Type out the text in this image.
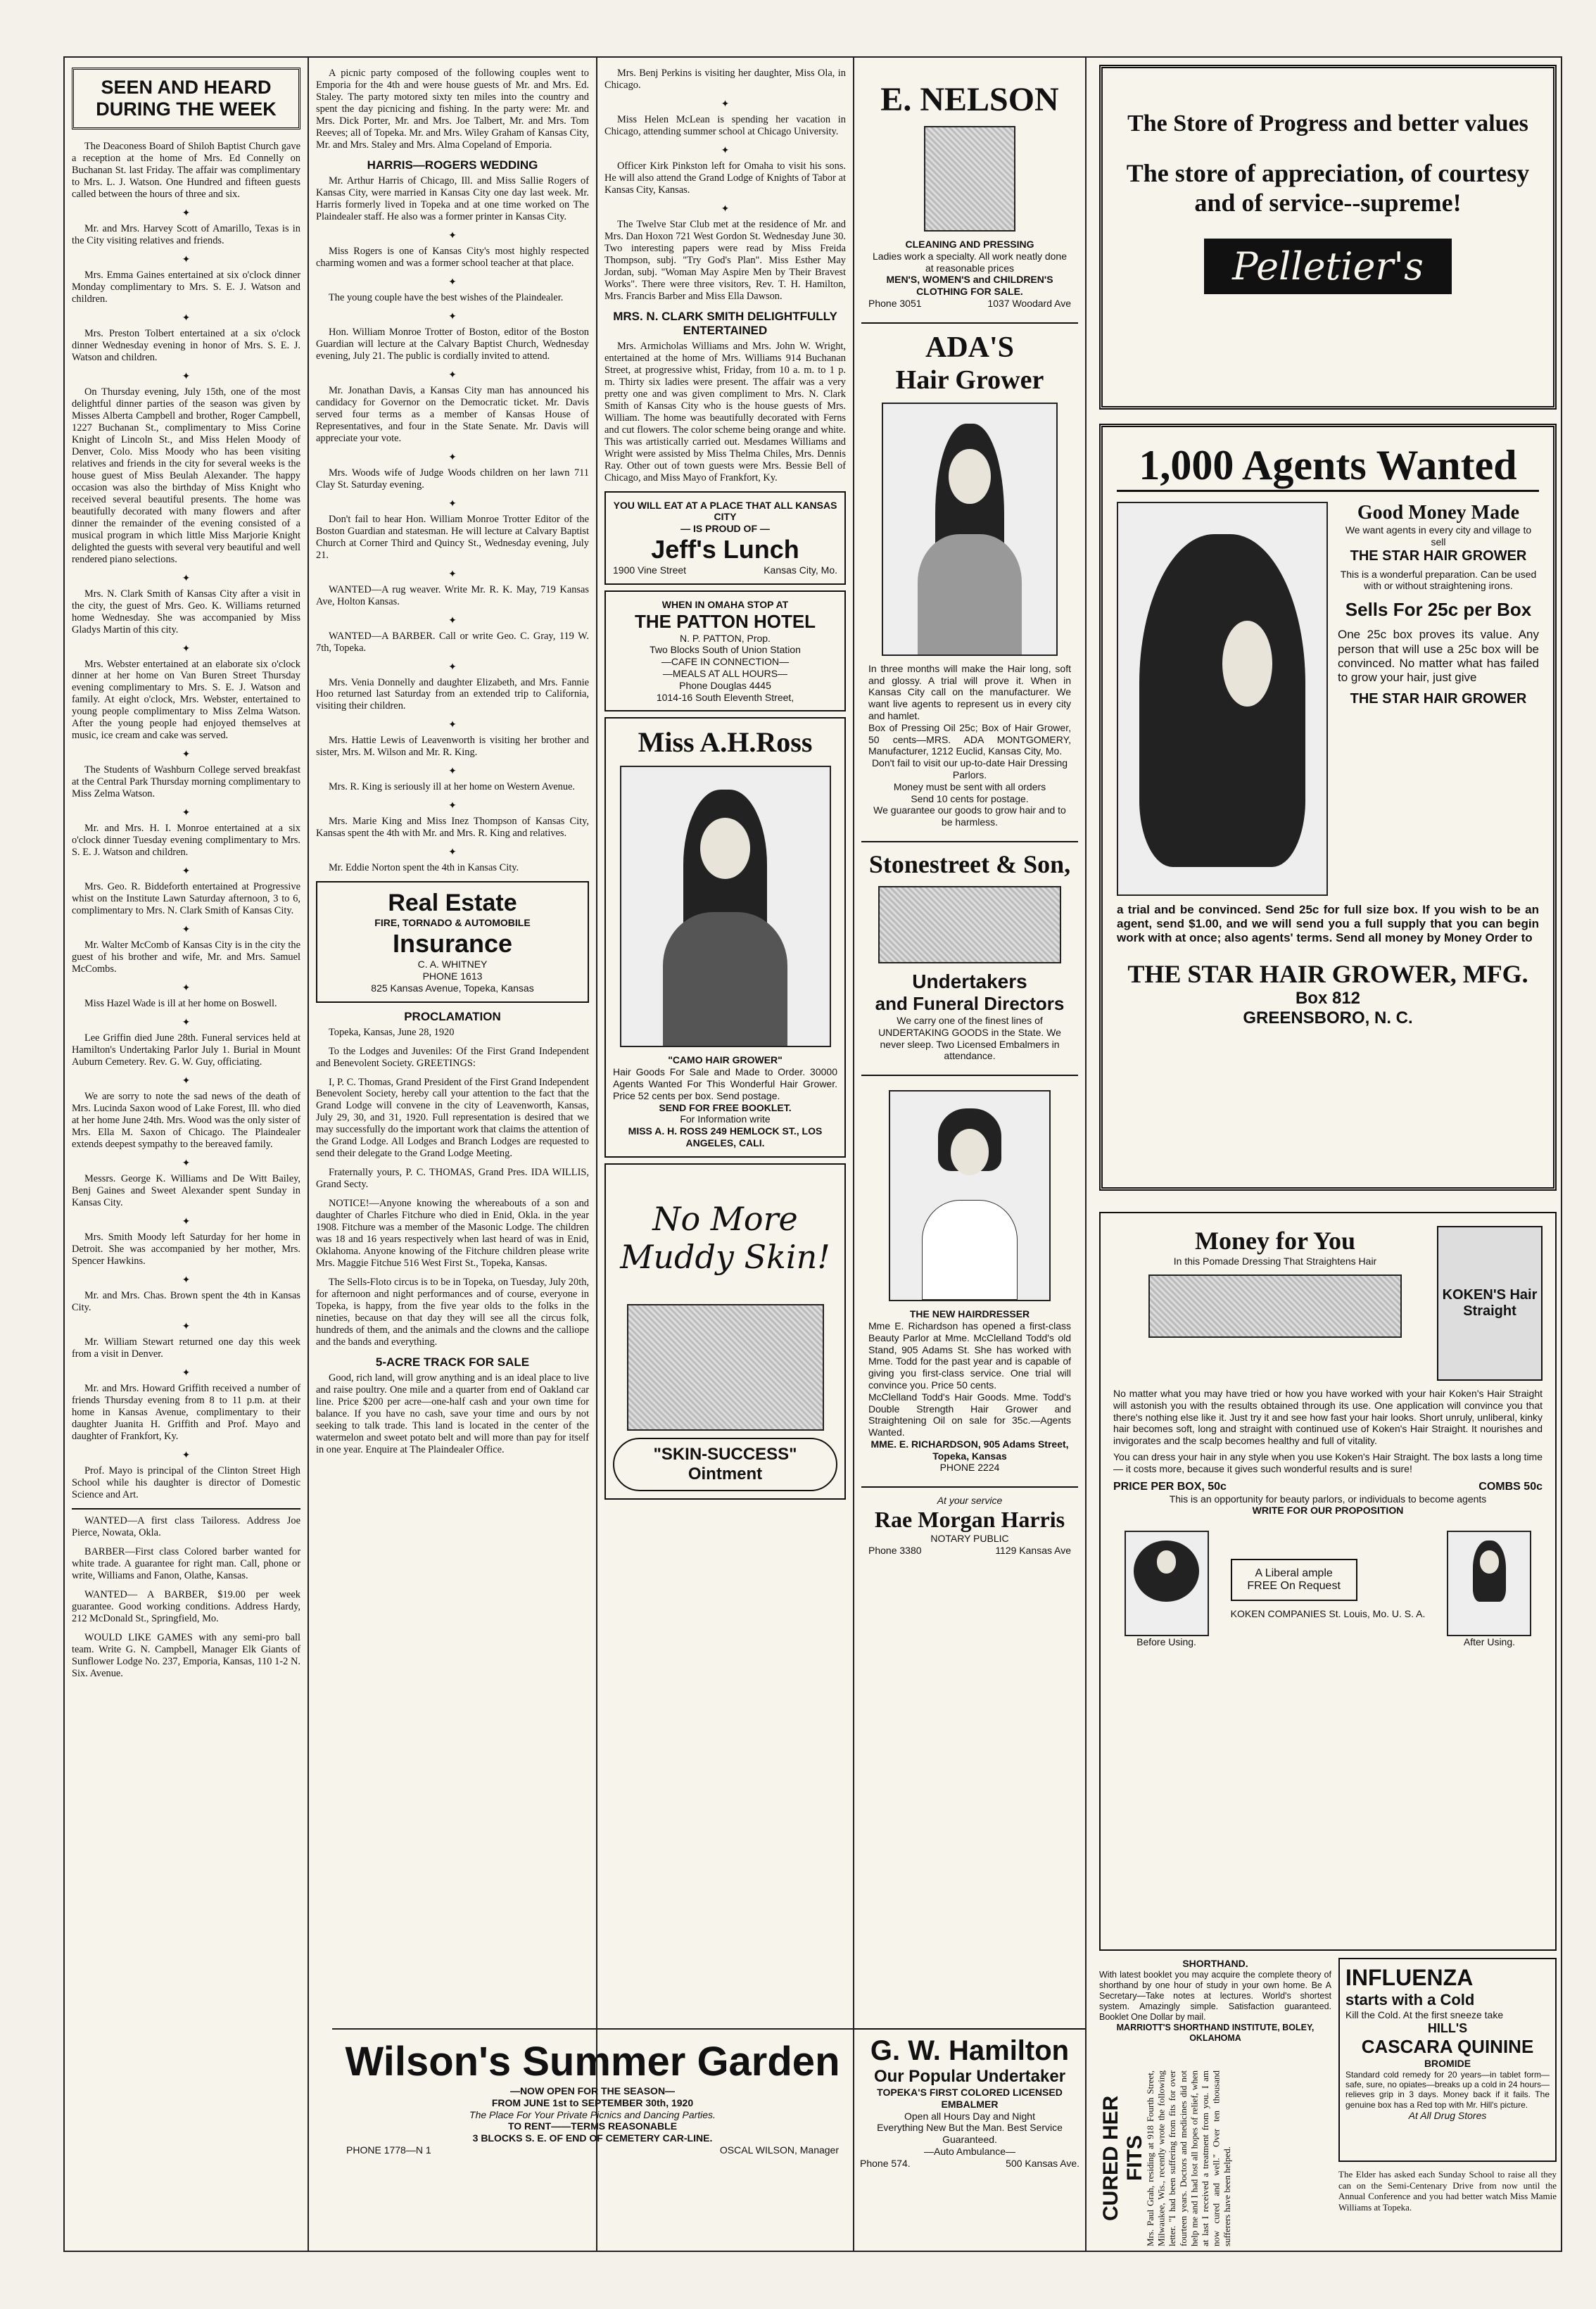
SEEN AND HEARD DURING THE WEEK

The Deaconess Board of Shiloh Baptist Church gave a reception at the home of Mrs. Ed Connelly on Buchanan St. last Friday. The affair was complimentary to Mrs. L. J. Watson. One Hundred and fifteen guests called between the hours of three and six.

✦

Mr. and Mrs. Harvey Scott of Amarillo, Texas is in the City visiting relatives and friends.

✦

Mrs. Emma Gaines entertained at six o'clock dinner Monday complimentary to Mrs. S. E. J. Watson and children.

✦

Mrs. Preston Tolbert entertained at a six o'clock dinner Wednesday evening in honor of Mrs. S. E. J. Watson and children.

✦

On Thursday evening, July 15th, one of the most delightful dinner parties of the season was given by Misses Alberta Campbell and brother, Roger Campbell, 1227 Buchanan St., complimentary to Miss Corine Knight of Lincoln St., and Miss Helen Moody of Denver, Colo. Miss Moody who has been visiting relatives and friends in the city for several weeks is the house guest of Miss Beulah Alexander. The happy occasion was also the birthday of Miss Knight who received several beautiful presents. The home was beautifully decorated with many flowers and after dinner the remainder of the evening consisted of a musical program in which little Miss Marjorie Knight delighted the guests with several very beautiful and well rendered piano selections.

✦

Mrs. N. Clark Smith of Kansas City after a visit in the city, the guest of Mrs. Geo. K. Williams returned home Wednesday. She was accompanied by Miss Gladys Martin of this city.

✦

Mrs. Webster entertained at an elaborate six o'clock dinner at her home on Van Buren Street Thursday evening complimentary to Mrs. S. E. J. Watson and family. At eight o'clock, Mrs. Webster, entertained to young people complimentary to Miss Zelma Watson. After the young people had enjoyed themselves at music, ice cream and cake was served.

✦

The Students of Washburn College served breakfast at the Central Park Thursday morning complimentary to Miss Zelma Watson.

✦

Mr. and Mrs. H. I. Monroe entertained at a six o'clock dinner Tuesday evening complimentary to Mrs. S. E. J. Watson and children.

✦

Mrs. Geo. R. Biddeforth entertained at Progressive whist on the Institute Lawn Saturday afternoon, 3 to 6, complimentary to Mrs. N. Clark Smith of Kansas City.

✦

Mr. Walter McComb of Kansas City is in the city the guest of his brother and wife, Mr. and Mrs. Samuel McCombs.

✦

Miss Hazel Wade is ill at her home on Boswell.

✦

Lee Griffin died June 28th. Funeral services held at Hamilton's Undertaking Parlor July 1. Burial in Mount Auburn Cemetery. Rev. G. W. Guy, officiating.

✦

We are sorry to note the sad news of the death of Mrs. Lucinda Saxon wood of Lake Forest, Ill. who died at her home June 24th. Mrs. Wood was the only sister of Mrs. Ella M. Saxon of Chicago. The Plaindealer extends deepest sympathy to the bereaved family.

✦

Messrs. George K. Williams and De Witt Bailey, Benj Gaines and Sweet Alexander spent Sunday in Kansas City.

✦

Mrs. Smith Moody left Saturday for her home in Detroit. She was accompanied by her mother, Mrs. Spencer Hawkins.

✦

Mr. and Mrs. Chas. Brown spent the 4th in Kansas City.

✦

Mr. William Stewart returned one day this week from a visit in Denver.

✦

Mr. and Mrs. Howard Griffith received a number of friends Thursday evening from 8 to 11 p.m. at their home in Kansas Avenue, complimentary to their daughter Juanita H. Griffith and Prof. Mayo and daughter of Frankfort, Ky.

✦

Prof. Mayo is principal of the Clinton Street High School while his daughter is director of Domestic Science and Art.

WANTED—A first class Tailoress. Address Joe Pierce, Nowata, Okla.

BARBER—First class Colored barber wanted for white trade. A guarantee for right man. Call, phone or write, Williams and Fanon, Olathe, Kansas.

WANTED— A BARBER, $19.00 per week guarantee. Good working conditions. Address Hardy, 212 McDonald St., Springfield, Mo.

WOULD LIKE GAMES with any semi-pro ball team. Write G. N. Campbell, Manager Elk Giants of Sunflower Lodge No. 237, Emporia, Kansas, 110 1-2 N. Six. Avenue.

A picnic party composed of the following couples went to Emporia for the 4th and were house guests of Mr. and Mrs. Ed. Staley. The party motored sixty ten miles into the country and spent the day picnicing and fishing. In the party were: Mr. and Mrs. Dick Porter, Mr. and Mrs. Joe Talbert, Mr. and Mrs. Tom Reeves; all of Topeka. Mr. and Mrs. Wiley Graham of Kansas City, Mr. and Mrs. Staley and Mrs. Alma Copeland of Emporia.

HARRIS—ROGERS WEDDING

Mr. Arthur Harris of Chicago, Ill. and Miss Sallie Rogers of Kansas City, were married in Kansas City one day last week. Mr. Harris formerly lived in Topeka and at one time worked on The Plaindealer staff. He also was a former printer in Kansas City.

✦

Miss Rogers is one of Kansas City's most highly respected charming women and was a former school teacher at that place.

✦

The young couple have the best wishes of the Plaindealer.

✦

Hon. William Monroe Trotter of Boston, editor of the Boston Guardian will lecture at the Calvary Baptist Church, Wednesday evening, July 21. The public is cordially invited to attend.

✦

Mr. Jonathan Davis, a Kansas City man has announced his candidacy for Governor on the Democratic ticket. Mr. Davis served four terms as a member of Kansas House of Representatives, and four in the State Senate. Mr. Davis will appreciate your vote.

✦

Mrs. Woods wife of Judge Woods children on her lawn 711 Clay St. Saturday evening.

✦

Don't fail to hear Hon. William Monroe Trotter Editor of the Boston Guardian and statesman. He will lecture at Calvary Baptist Church at Corner Third and Quincy St., Wednesday evening, July 21.

✦

WANTED—A rug weaver. Write Mr. R. K. May, 719 Kansas Ave, Holton Kansas.

✦

WANTED—A BARBER. Call or write Geo. C. Gray, 119 W. 7th, Topeka.

✦

Mrs. Venia Donnelly and daughter Elizabeth, and Mrs. Fannie Hoo returned last Saturday from an extended trip to California, visiting their children.

✦

Mrs. Hattie Lewis of Leavenworth is visiting her brother and sister, Mrs. M. Wilson and Mr. R. King.

✦

Mrs. R. King is seriously ill at her home on Western Avenue.

✦

Mrs. Marie King and Miss Inez Thompson of Kansas City, Kansas spent the 4th with Mr. and Mrs. R. King and relatives.

✦

Mr. Eddie Norton spent the 4th in Kansas City.

Real Estate
FIRE, TORNADO & AUTOMOBILE
Insurance
C. A. WHITNEY
PHONE 1613
825 Kansas Avenue, Topeka, Kansas
PROCLAMATION

Topeka, Kansas, June 28, 1920

To the Lodges and Juveniles: Of the First Grand Independent and Benevolent Society. GREETINGS:

I, P. C. Thomas, Grand President of the First Grand Independent Benevolent Society, hereby call your attention to the fact that the Grand Lodge will convene in the city of Leavenworth, Kansas, July 29, 30, and 31, 1920. Full representation is desired that we may successfully do the important work that claims the attention of the Grand Lodge. All Lodges and Branch Lodges are requested to send their delegate to the Grand Lodge Meeting.

Fraternally yours, P. C. THOMAS, Grand Pres. IDA WILLIS, Grand Secty.

NOTICE!—Anyone knowing the whereabouts of a son and daughter of Charles Fitchure who died in Enid, Okla. in the year 1908. Fitchure was a member of the Masonic Lodge. The children was 18 and 16 years respectively when last heard of was in Enid, Oklahoma. Anyone knowing of the Fitchure children please write Mrs. Maggie Fitchue 516 West First St., Topeka, Kansas.

The Sells-Floto circus is to be in Topeka, on Tuesday, July 20th, for afternoon and night performances and of course, everyone in Topeka, is happy, from the five year olds to the folks in the nineties, because on that day they will see all the circus folk, hundreds of them, and the animals and the clowns and the calliope and the bands and everything.

5-ACRE TRACK FOR SALE

Good, rich land, will grow anything and is an ideal place to live and raise poultry. One mile and a quarter from end of Oakland car line. Price $200 per acre—one-half cash and your own time for balance. If you have no cash, save your time and ours by not seeking to talk trade. This land is located in the center of the watermelon and sweet potato belt and will more than pay for itself in one year. Enquire at The Plaindealer Office.

Mrs. Benj Perkins is visiting her daughter, Miss Ola, in Chicago.

✦

Miss Helen McLean is spending her vacation in Chicago, attending summer school at Chicago University.

✦

Officer Kirk Pinkston left for Omaha to visit his sons. He will also attend the Grand Lodge of Knights of Tabor at Kansas City, Kansas.

✦

The Twelve Star Club met at the residence of Mr. and Mrs. Dan Hoxon 721 West Gordon St. Wednesday June 30. Two interesting papers were read by Miss Freida Thompson, subj. "Try God's Plan". Miss Esther May Jordan, subj. "Woman May Aspire Men by Their Bravest Works". There were three visitors, Rev. T. H. Hamilton, Mrs. Francis Barber and Miss Ella Dawson.

MRS. N. CLARK SMITH DELIGHTFULLY ENTERTAINED

Mrs. Armicholas Williams and Mrs. John W. Wright, entertained at the home of Mrs. Williams 914 Buchanan Street, at progressive whist, Friday, from 10 a. m. to 1 p. m. Thirty six ladies were present. The affair was a very pretty one and was given compliment to Mrs. N. Clark Smith of Kansas City who is the house guests of Mrs. William. The home was beautifully decorated with Ferns and cut flowers. The color scheme being orange and white. This was artistically carried out. Mesdames Williams and Wright were assisted by Miss Thelma Chiles, Mrs. Dennis Ray. Other out of town guests were Mrs. Bessie Bell of Chicago, and Miss Mayo of Frankfort, Ky.

YOU WILL EAT AT A PLACE THAT ALL KANSAS CITY
— IS PROUD OF —
Jeff's Lunch
1900 Vine Street	Kansas City, Mo.
WHEN IN OMAHA STOP AT
THE PATTON HOTEL
N. P. PATTON, Prop.
Two Blocks South of Union Station
—CAFE IN CONNECTION—
—MEALS AT ALL HOURS—
Phone Douglas 4445
1014-16 South Eleventh Street,
Miss A.H.Ross
"CAMO HAIR GROWER"
Hair Goods For Sale and Made to Order. 30000 Agents Wanted For This Wonderful Hair Grower. Price 52 cents per box. Send postage.
SEND FOR FREE BOOKLET.
For Information write
MISS A. H. ROSS 249 HEMLOCK ST., LOS ANGELES, CALI.
No More Muddy Skin!
"SKIN-SUCCESS" Ointment
E. NELSON
CLEANING AND PRESSING
Ladies work a specialty. All work neatly done at reasonable prices
MEN'S, WOMEN'S and CHILDREN'S CLOTHING FOR SALE.
Phone 3051	1037 Woodard Ave
ADA'S
Hair Grower
In three months will make the Hair long, soft and glossy. A trial will prove it. When in Kansas City call on the manufacturer. We want live agents to represent us in every city and hamlet.
Box of Pressing Oil 25c; Box of Hair Grower, 50 cents—MRS. ADA MONTGOMERY, Manufacturer, 1212 Euclid, Kansas City, Mo.
Don't fail to visit our up-to-date Hair Dressing Parlors.
Money must be sent with all orders
Send 10 cents for postage.
We guarantee our goods to grow hair and to be harmless.
Stonestreet & Son,
Undertakers
and Funeral Directors
We carry one of the finest lines of UNDERTAKING GOODS in the State. We never sleep. Two Licensed Embalmers in attendance.
THE NEW HAIRDRESSER
Mme E. Richardson has opened a first-class Beauty Parlor at Mme. McClelland Todd's old Stand, 905 Adams St. She has worked with Mme. Todd for the past year and is capable of giving you first-class service. One trial will convince you. Price 50 cents.
McClelland Todd's Hair Goods. Mme. Todd's Double Strength Hair Grower and Straightening Oil on sale for 35c.—Agents Wanted.
MME. E. RICHARDSON, 905 Adams Street, Topeka, Kansas
PHONE 2224
At your service
Rae Morgan Harris
NOTARY PUBLIC
Phone 3380	1129 Kansas Ave
G. W. Hamilton
Our Popular Undertaker
TOPEKA'S FIRST COLORED LICENSED EMBALMER
Open all Hours Day and Night
Everything New But the Man. Best Service Guaranteed.
—Auto Ambulance—
Phone 574.	500 Kansas Ave.
Wilson's Summer Garden
—NOW OPEN FOR THE SEASON—
FROM JUNE 1st to SEPTEMBER 30th, 1920
The Place For Your Private Picnics and Dancing Parties.
TO RENT——TERMS REASONABLE
3 BLOCKS S. E. OF END OF CEMETERY CAR-LINE.
PHONE 1778—N 1	OSCAL WILSON, Manager
The Store of Progress and better values
The store of appreciation, of courtesy and of service--supreme!
Pelletier's
1,000 Agents Wanted
Good Money Made
We want agents in every city and village to sell
THE STAR HAIR GROWER
This is a wonderful preparation. Can be used with or without straightening irons.
Sells For 25c per Box
One 25c box proves its value. Any person that will use a 25c box will be convinced. No matter what has failed to grow your hair, just give
THE STAR HAIR GROWER
a trial and be convinced. Send 25c for full size box. If you wish to be an agent, send $1.00, and we will send you a full supply that you can begin work with at once; also agents' terms. Send all money by Money Order to
THE STAR HAIR GROWER, MFG.
Box 812
GREENSBORO, N. C.
Money for You
In this Pomade Dressing That Straightens Hair
KOKEN'S Hair Straight
No matter what you may have tried or how you have worked with your hair Koken's Hair Straight will astonish you with the results obtained through its use. One application will convince you that there's nothing else like it. Just try it and see how fast your hair looks. Short unruly, unliberal, kinky hair becomes soft, long and straight with continued use of Koken's Hair Straight. It nourishes and invigorates and the scalp becomes healthy and full of vitality.
You can dress your hair in any style when you use Koken's Hair Straight. The box lasts a long time — it costs more, because it gives such wonderful results and is sure!
PRICE PER BOX, 50c	COMBS 50c
This is an opportunity for beauty parlors, or individuals to become agents
WRITE FOR OUR PROPOSITION
Before Using.
A Liberal ample FREE On Request
KOKEN COMPANIES St. Louis, Mo. U. S. A.
After Using.
SHORTHAND.
With latest booklet you may acquire the complete theory of shorthand by one hour of study in your own home. Be A Secretary—Take notes at lectures. World's shortest system. Amazingly simple. Satisfaction guaranteed. Booklet One Dollar by mail.
MARRIOTT'S SHORTHAND INSTITUTE, BOLEY, OKLAHOMA
CURED HER FITS
Mrs. Paul Grah, residing at 918 Fourth Street, Milwaukee, Wis., recently wrote the following letter. "I had been suffering from fits for over fourteen years. Doctors and medicines did not help me and I had lost all hopes of relief, when at last I received a treatment from you. I am now cured and well." Over ten thousand sufferers have been helped.
INFLUENZA
starts with a Cold
Kill the Cold. At the first sneeze take
HILL'S
CASCARA QUININE
BROMIDE
Standard cold remedy for 20 years—in tablet form—safe, sure, no opiates—breaks up a cold in 24 hours—relieves grip in 3 days. Money back if it fails. The genuine box has a Red top with Mr. Hill's picture.
At All Drug Stores
The Elder has asked each Sunday School to raise all they can on the Semi-Centenary Drive from now until the Annual Conference and you had better watch Miss Mamie Williams at Topeka.
